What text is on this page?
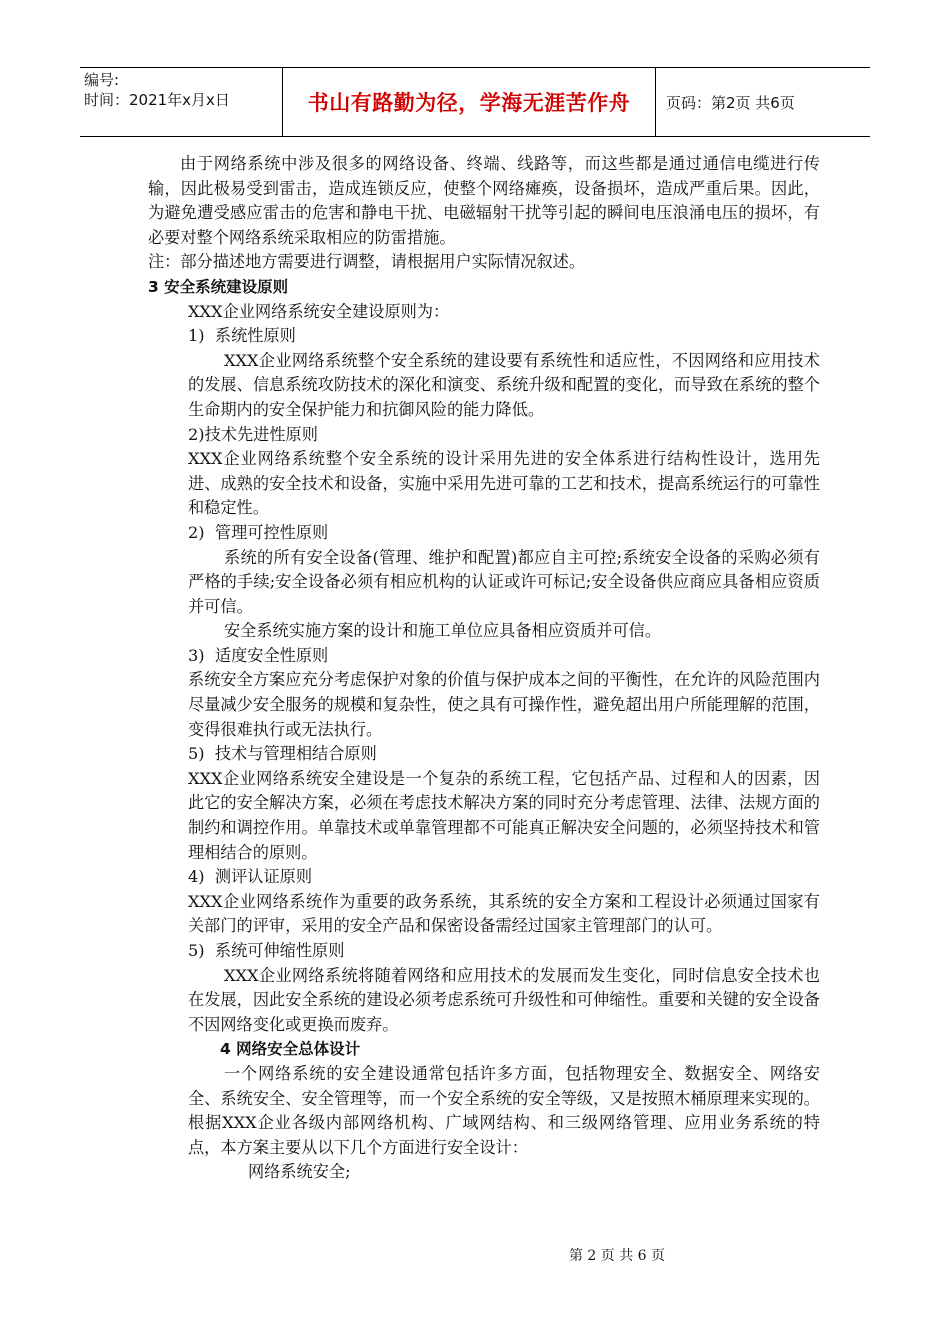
编号:
时间：2021年x月x日	书山有路勤为径，学海无涯苦作舟	页码：第2页 共6页

由于网络系统中涉及很多的网络设备、终端、线路等，而这些都是通过通信电缆进行传输，因此极易受到雷击，造成连锁反应，使整个网络瘫痪，设备损坏，造成严重后果。因此，为避免遭受感应雷击的危害和静电干扰、电磁辐射干扰等引起的瞬间电压浪涌电压的损坏，有必要对整个网络系统采取相应的防雷措施。

注：部分描述地方需要进行调整，请根据用户实际情况叙述。

3 安全系统建设原则

XXX企业网络系统安全建设原则为：

1)  系统性原则

XXX企业网络系统整个安全系统的建设要有系统性和适应性，不因网络和应用技术的发展、信息系统攻防技术的深化和演变、系统升级和配置的变化，而导致在系统的整个生命期内的安全保护能力和抗御风险的能力降低。

2)技术先进性原则

XXX企业网络系统整个安全系统的设计采用先进的安全体系进行结构性设计，选用先进、成熟的安全技术和设备，实施中采用先进可靠的工艺和技术，提高系统运行的可靠性和稳定性。

2)  管理可控性原则

系统的所有安全设备(管理、维护和配置)都应自主可控;系统安全设备的采购必须有严格的手续;安全设备必须有相应机构的认证或许可标记;安全设备供应商应具备相应资质并可信。

安全系统实施方案的设计和施工单位应具备相应资质并可信。

3)  适度安全性原则

系统安全方案应充分考虑保护对象的价值与保护成本之间的平衡性，在允许的风险范围内尽量减少安全服务的规模和复杂性，使之具有可操作性，避免超出用户所能理解的范围，变得很难执行或无法执行。

5)  技术与管理相结合原则

XXX企业网络系统安全建设是一个复杂的系统工程，它包括产品、过程和人的因素，因此它的安全解决方案，必须在考虑技术解决方案的同时充分考虑管理、法律、法规方面的制约和调控作用。单靠技术或单靠管理都不可能真正解决安全问题的，必须坚持技术和管理相结合的原则。

4)  测评认证原则

XXX企业网络系统作为重要的政务系统，其系统的安全方案和工程设计必须通过国家有关部门的评审，采用的安全产品和保密设备需经过国家主管理部门的认可。

5)  系统可伸缩性原则

XXX企业网络系统将随着网络和应用技术的发展而发生变化，同时信息安全技术也在发展，因此安全系统的建设必须考虑系统可升级性和可伸缩性。重要和关键的安全设备不因网络变化或更换而废弃。

4 网络安全总体设计

一个网络系统的安全建设通常包括许多方面，包括物理安全、数据安全、网络安全、系统安全、安全管理等，而一个安全系统的安全等级，又是按照木桶原理来实现的。根据XXX企业各级内部网络机构、广域网结构、和三级网络管理、应用业务系统的特点，本方案主要从以下几个方面进行安全设计：

网络系统安全;

第 2 页 共 6 页
